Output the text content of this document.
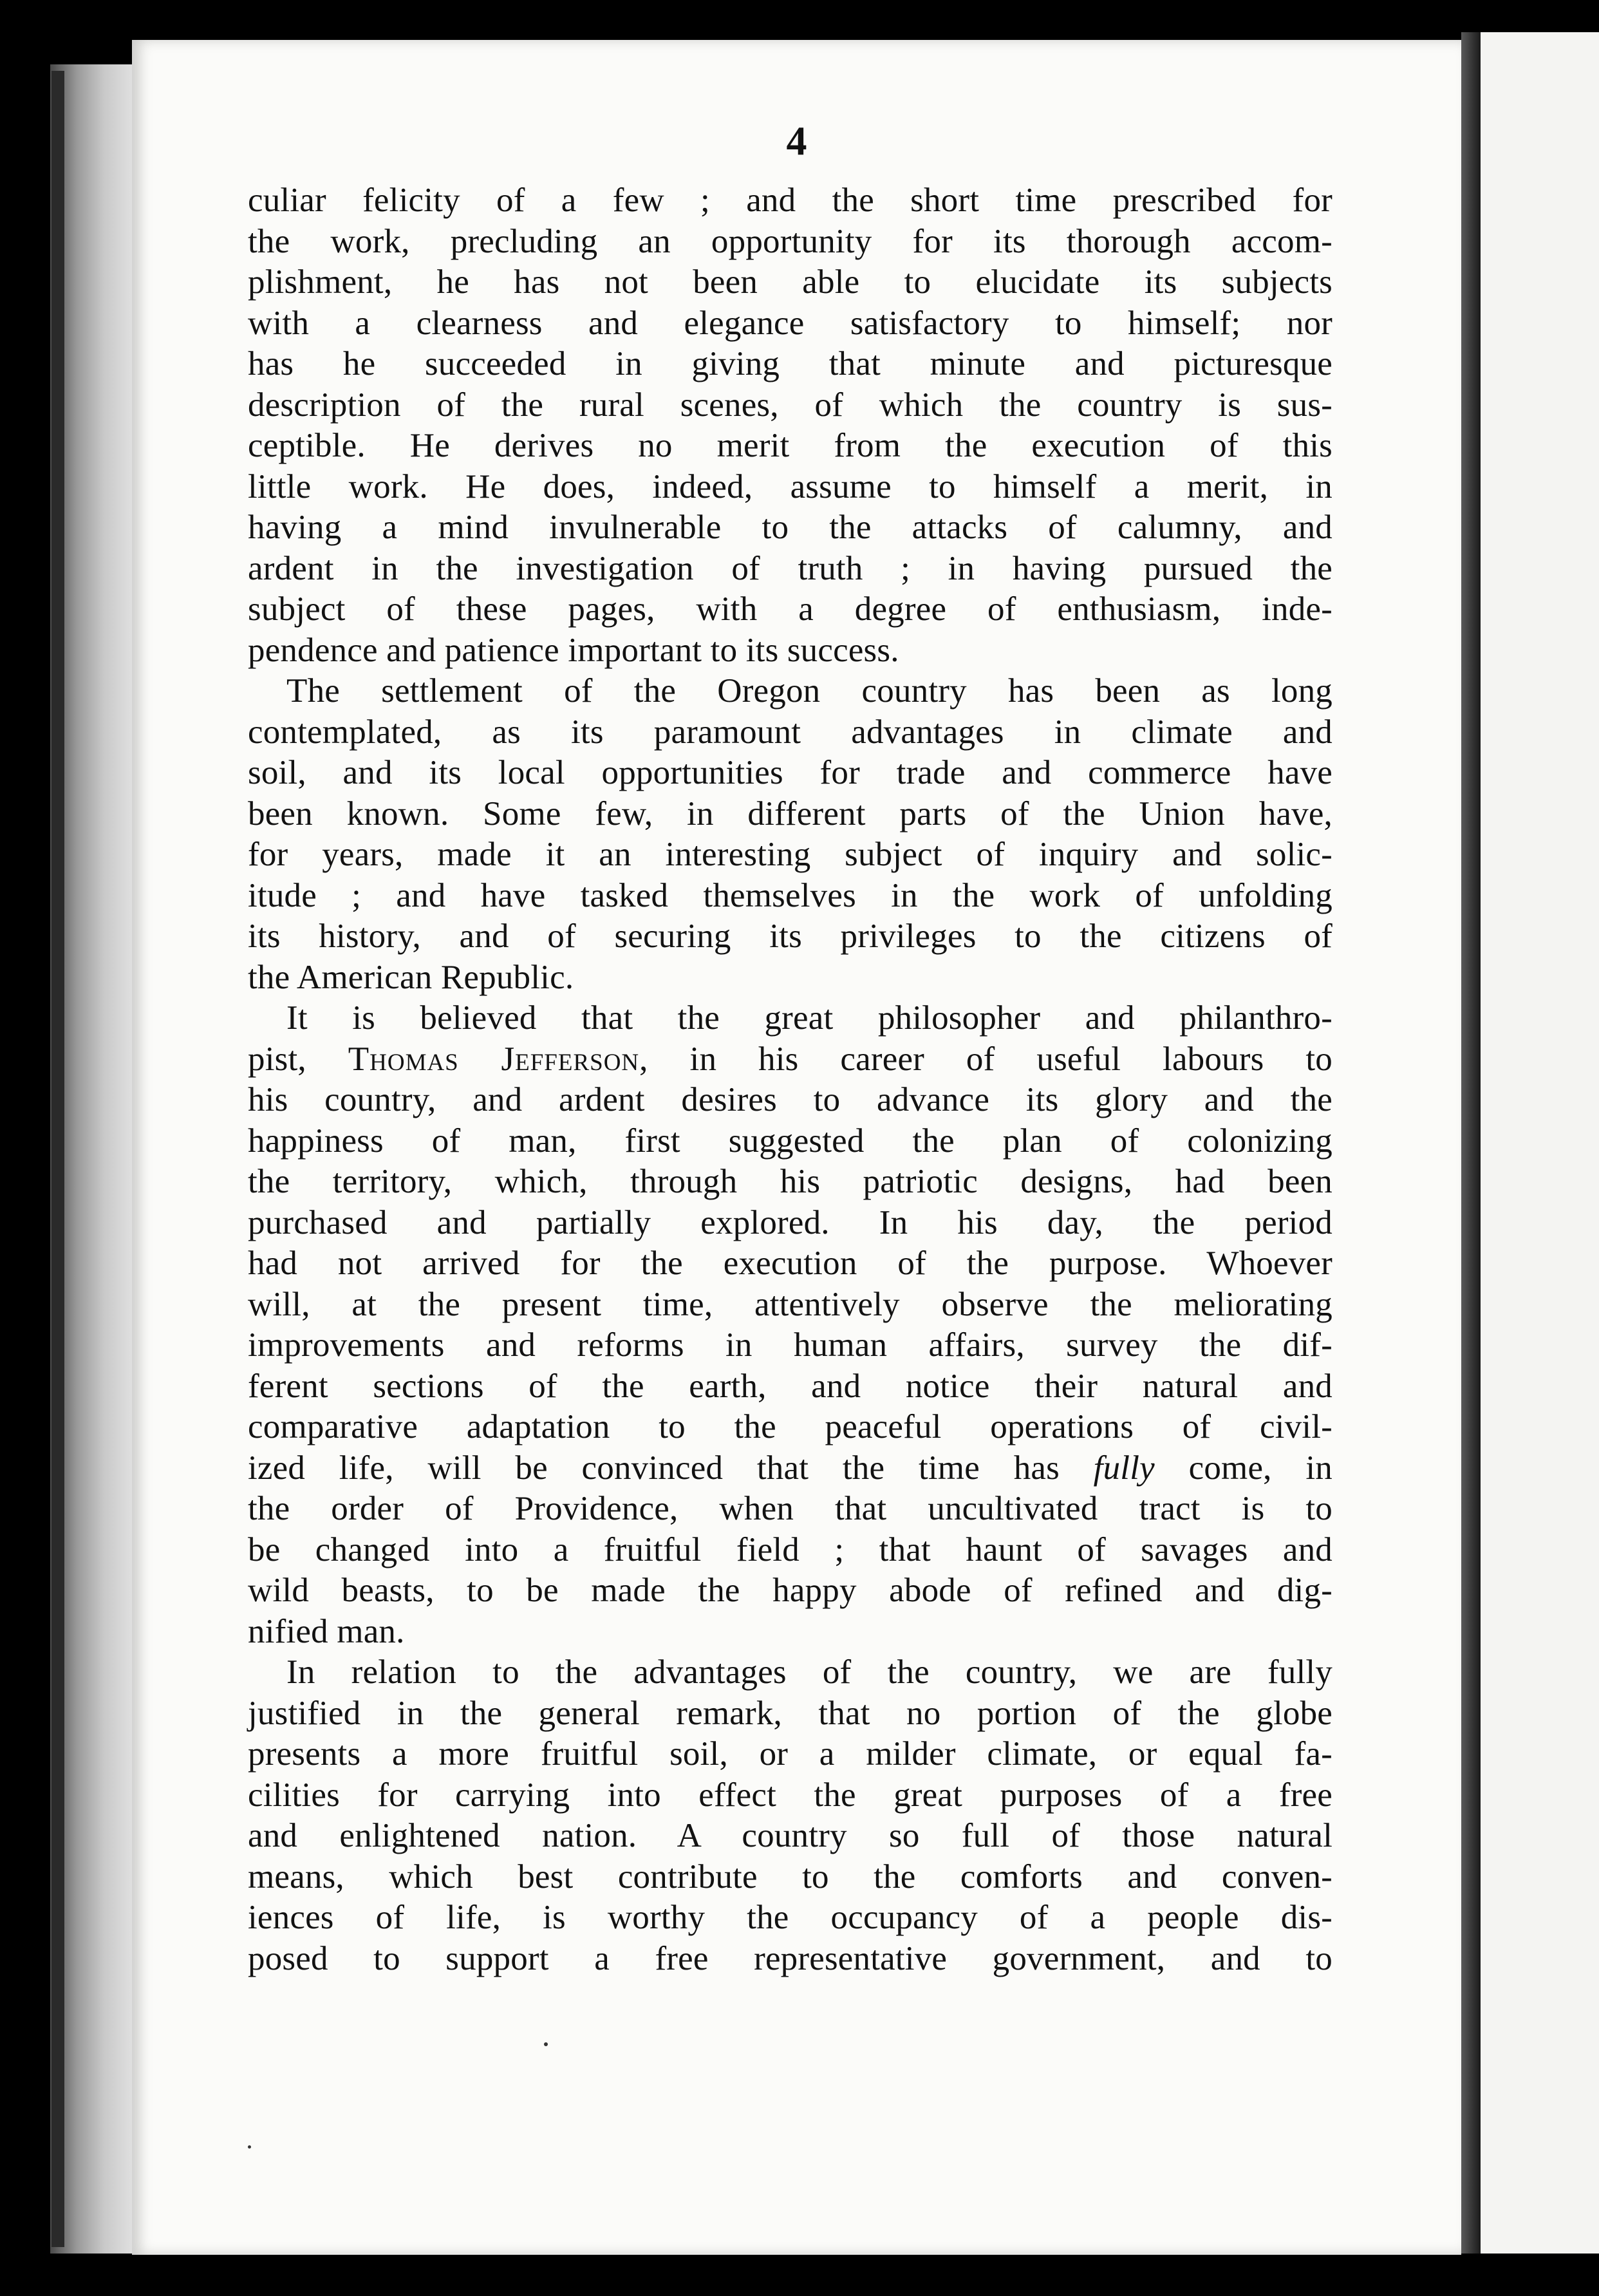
4
culiar felicity of a few ; and the short time prescribed for
the work, precluding an opportunity for its thorough accom-
plishment, he has not been able to elucidate its subjects
with a clearness and elegance satisfactory to himself; nor
has he succeeded in giving that minute and picturesque
description of the rural scenes, of which the country is sus-
ceptible. He derives no merit from the execution of this
little work. He does, indeed, assume to himself a merit, in
having a mind invulnerable to the attacks of calumny, and
ardent in the investigation of truth ; in having pursued the
subject of these pages, with a degree of enthusiasm, inde-
pendence and patience important to its success.
The settlement of the Oregon country has been as long
contemplated, as its paramount advantages in climate and
soil, and its local opportunities for trade and commerce have
been known. Some few, in different parts of the Union have,
for years, made it an interesting subject of inquiry and solic-
itude ; and have tasked themselves in the work of unfolding
its history, and of securing its privileges to the citizens of
the American Republic.
It is believed that the great philosopher and philanthro-
pist, Thomas Jefferson, in his career of useful labours to
his country, and ardent desires to advance its glory and the
happiness of man, first suggested the plan of colonizing
the territory, which, through his patriotic designs, had been
purchased and partially explored. In his day, the period
had not arrived for the execution of the purpose. Whoever
will, at the present time, attentively observe the meliorating
improvements and reforms in human affairs, survey the dif-
ferent sections of the earth, and notice their natural and
comparative adaptation to the peaceful operations of civil-
ized life, will be convinced that the time has fully come, in
the order of Providence, when that uncultivated tract is to
be changed into a fruitful field ; that haunt of savages and
wild beasts, to be made the happy abode of refined and dig-
nified man.
In relation to the advantages of the country, we are fully
justified in the general remark, that no portion of the globe
presents a more fruitful soil, or a milder climate, or equal fa-
cilities for carrying into effect the great purposes of a free
and enlightened nation. A country so full of those natural
means, which best contribute to the comforts and conven-
iences of life, is worthy the occupancy of a people dis-
posed to support a free representative government, and to
